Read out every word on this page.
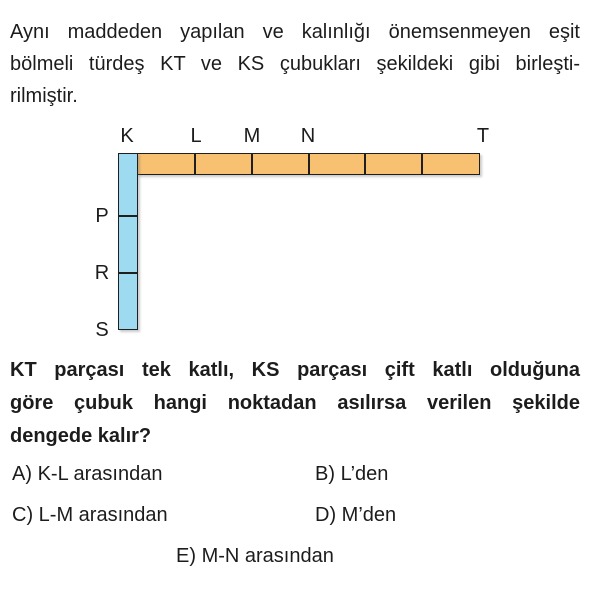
Aynı maddeden yapılan ve kalınlığı önemsenmeyen eşit
bölmeli türdeş KT ve KS çubukları şekildeki gibi birleşti-
rilmiştir.
K	L M N	T
P
R
S
KT parçası tek katlı, KS parçası çift katlı olduğuna
göre çubuk hangi noktadan asılırsa verilen şekilde
dengede kalır?
A) K-L arasından	B) L’den
C) L-M arasından	D) M’den
E) M-N arasından
